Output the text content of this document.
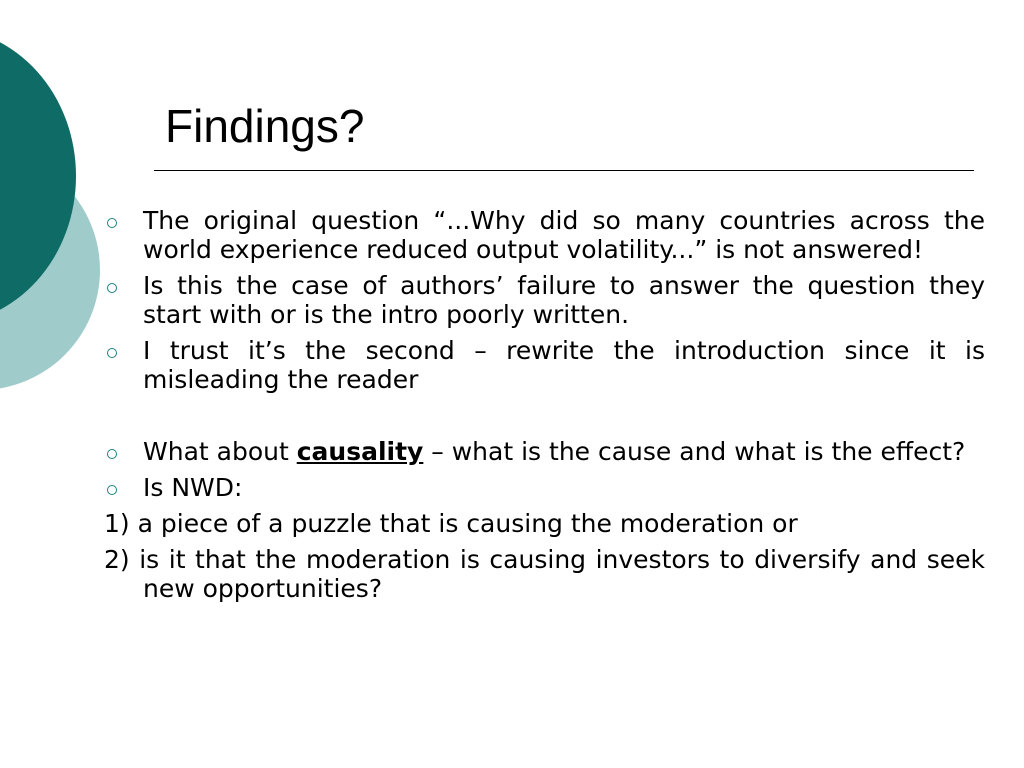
Findings?

The original question “...Why did so many countries across the world experience reduced output volatility...” is not answered!

Is this the case of authors’ failure to answer the question they start with or is the intro poorly written.

I trust it’s the second – rewrite the introduction since it is misleading the reader

What about causality – what is the cause and what is the effect?

Is NWD:

1) a piece of a puzzle that is causing the moderation or

2) is it that the moderation is causing investors to diversify and seek new opportunities?
